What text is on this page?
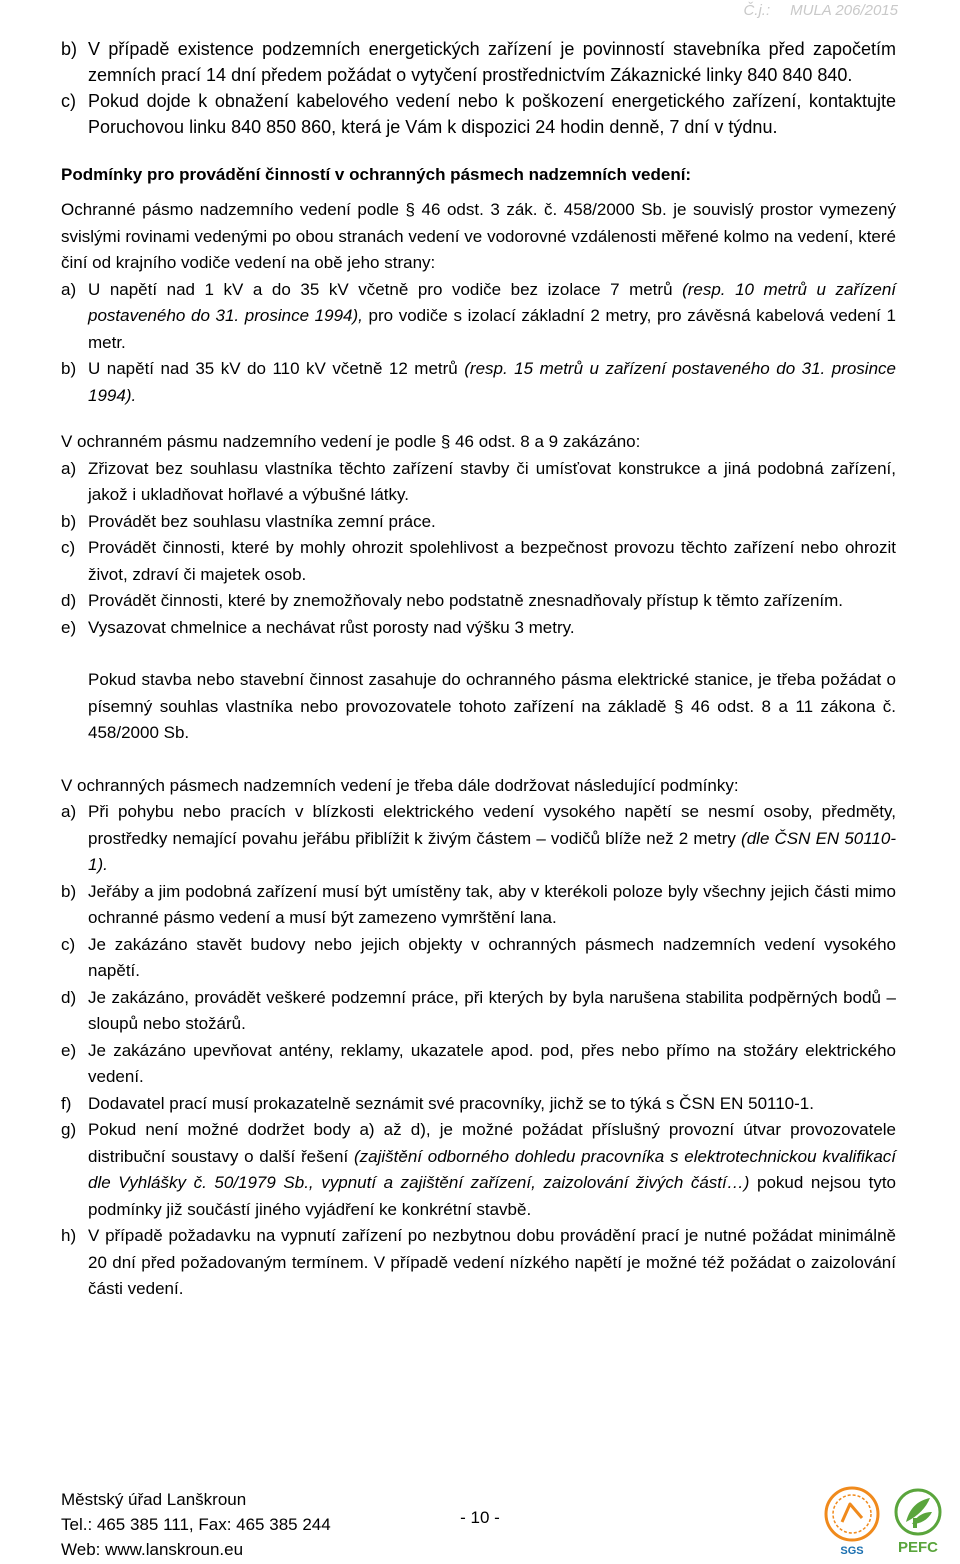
Č.j.: MULA 206/2015
b) V případě existence podzemních energetických zařízení je povinností stavebníka před započetím zemních prací 14 dní předem požádat o vytyčení prostřednictvím Zákaznické linky 840 840 840.
c) Pokud dojde k obnažení kabelového vedení nebo k poškození energetického zařízení, kontaktujte Poruchovou linku 840 850 860, která je Vám k dispozici 24 hodin denně, 7 dní v týdnu.

Podmínky pro provádění činností v ochranných pásmech nadzemních vedení:

Ochranné pásmo nadzemního vedení podle § 46 odst. 3 zák. č. 458/2000 Sb. je souvislý prostor vymezený svislými rovinami vedenými po obou stranách vedení ve vodorovné vzdálenosti měřené kolmo na vedení, které činí od krajního vodiče vedení na obě jeho strany:

a) U napětí nad 1 kV a do 35 kV včetně pro vodiče bez izolace 7 metrů (resp. 10 metrů u zařízení postaveného do 31. prosince 1994), pro vodiče s izolací základní 2 metry, pro závěsná kabelová vedení 1 metr.
b) U napětí nad 35 kV do 110 kV včetně 12 metrů (resp. 15 metrů u zařízení postaveného do 31. prosince 1994).

V ochranném pásmu nadzemního vedení je podle § 46 odst. 8 a 9 zakázáno:

a) Zřizovat bez souhlasu vlastníka těchto zařízení stavby či umísťovat konstrukce a jiná podobná zařízení, jakož i ukladňovat hořlavé a výbušné látky.
b) Provádět bez souhlasu vlastníka zemní práce.
c) Provádět činnosti, které by mohly ohrozit spolehlivost a bezpečnost provozu těchto zařízení nebo ohrozit život, zdraví či majetek osob.
d) Provádět činnosti, které by znemožňovaly nebo podstatně znesnadňovaly přístup k těmto zařízením.
e) Vysazovat chmelnice a nechávat růst porosty nad výšku 3 metry.

Pokud stavba nebo stavební činnost zasahuje do ochranného pásma elektrické stanice, je třeba požádat o písemný souhlas vlastníka nebo provozovatele tohoto zařízení na základě § 46 odst. 8 a 11 zákona č. 458/2000 Sb.

V ochranných pásmech nadzemních vedení je třeba dále dodržovat následující podmínky:

a) Při pohybu nebo pracích v blízkosti elektrického vedení vysokého napětí se nesmí osoby, předměty, prostředky nemající povahu jeřábu přiblížit k živým částem – vodičů blíže než 2 metry (dle ČSN EN 50110-1).
b) Jeřáby a jim podobná zařízení musí být umístěny tak, aby v kterékoli poloze byly všechny jejich části mimo ochranné pásmo vedení a musí být zamezeno vymrštění lana.
c) Je zakázáno stavět budovy nebo jejich objekty v ochranných pásmech nadzemních vedení vysokého napětí.
d) Je zakázáno, provádět veškeré podzemní práce, při kterých by byla narušena stabilita podpěrných bodů – sloupů nebo stožárů.
e) Je zakázáno upevňovat antény, reklamy, ukazatele apod. pod, přes nebo přímo na stožáry elektrického vedení.
f) Dodavatel prací musí prokazatelně seznámit své pracovníky, jichž se to týká s ČSN EN 50110-1.
g) Pokud není možné dodržet body a) až d), je možné požádat příslušný provozní útvar provozovatele distribuční soustavy o další řešení (zajištění odborného dohledu pracovníka s elektrotechnickou kvalifikací dle Vyhlášky č. 50/1979 Sb., vypnutí a zajištění zařízení, zaizolování živých částí…) pokud nejsou tyto podmínky již součástí jiného vyjádření ke konkrétní stavbě.
h) V případě požadavku na vypnutí zařízení po nezbytnou dobu provádění prací je nutné požádat minimálně 20 dní před požadovaným termínem. V případě vedení nízkého napětí je možné též požádat o zaizolování části vedení.
Městský úřad Lanškroun
Tel.: 465 385 111, Fax: 465 385 244
Web: www.lanskroun.eu
- 10 -
SGS PEFC
